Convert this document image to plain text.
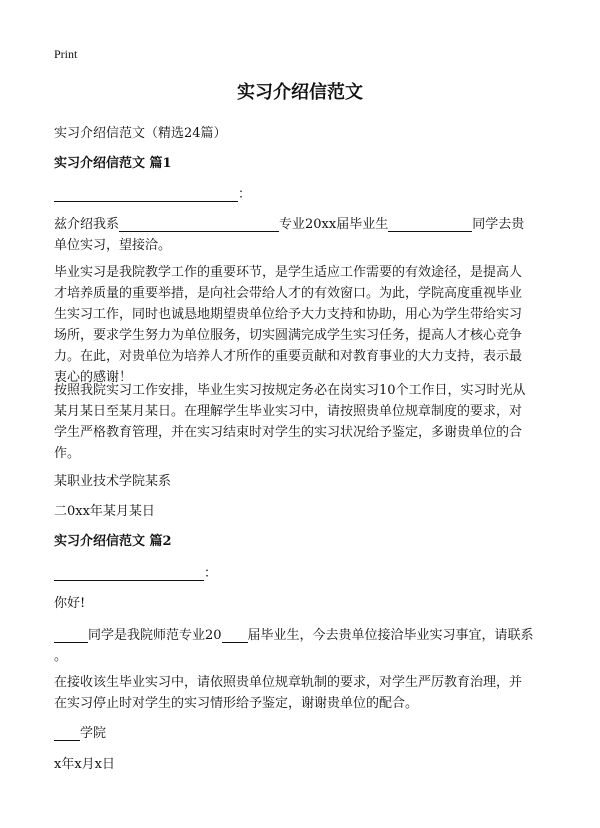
Print
实习介绍信范文
实习介绍信范文（精选24篇）
实习介绍信范文 篇1
：
兹介绍我系	专业20xx届毕业生	同学去贵
单位实习，望接洽。
毕业实习是我院教学工作的重要环节，是学生适应工作需要的有效途径，是提高人
才培养质量的重要举措，是向社会带给人才的有效窗口。为此，学院高度重视毕业
生实习工作，同时也诚恳地期望贵单位给予大力支持和协助，用心为学生带给实习
场所，要求学生努力为单位服务，切实圆满完成学生实习任务，提高人才核心竞争
力。在此，对贵单位为培养人才所作的重要贡献和对教育事业的大力支持，表示最
衷心的感谢！
按照我院实习工作安排，毕业生实习按规定务必在岗实习10个工作日，实习时光从
某月某日至某月某日。在理解学生毕业实习中，请按照贵单位规章制度的要求，对
学生严格教育管理，并在实习结束时对学生的实习状况给予鉴定，多谢贵单位的合
作。
某职业技术学院某系
二0xx年某月某日
实习介绍信范文 篇2
：
你好!
同学是我院师范专业20 届毕业生，今去贵单位接洽毕业实习事宜，请联系
。
在接收该生毕业实习中，请依照贵单位规章轨制的要求，对学生严厉教育治理，并
在实习停止时对学生的实习情形给予鉴定，谢谢贵单位的配合。
学院
x年x月x日
